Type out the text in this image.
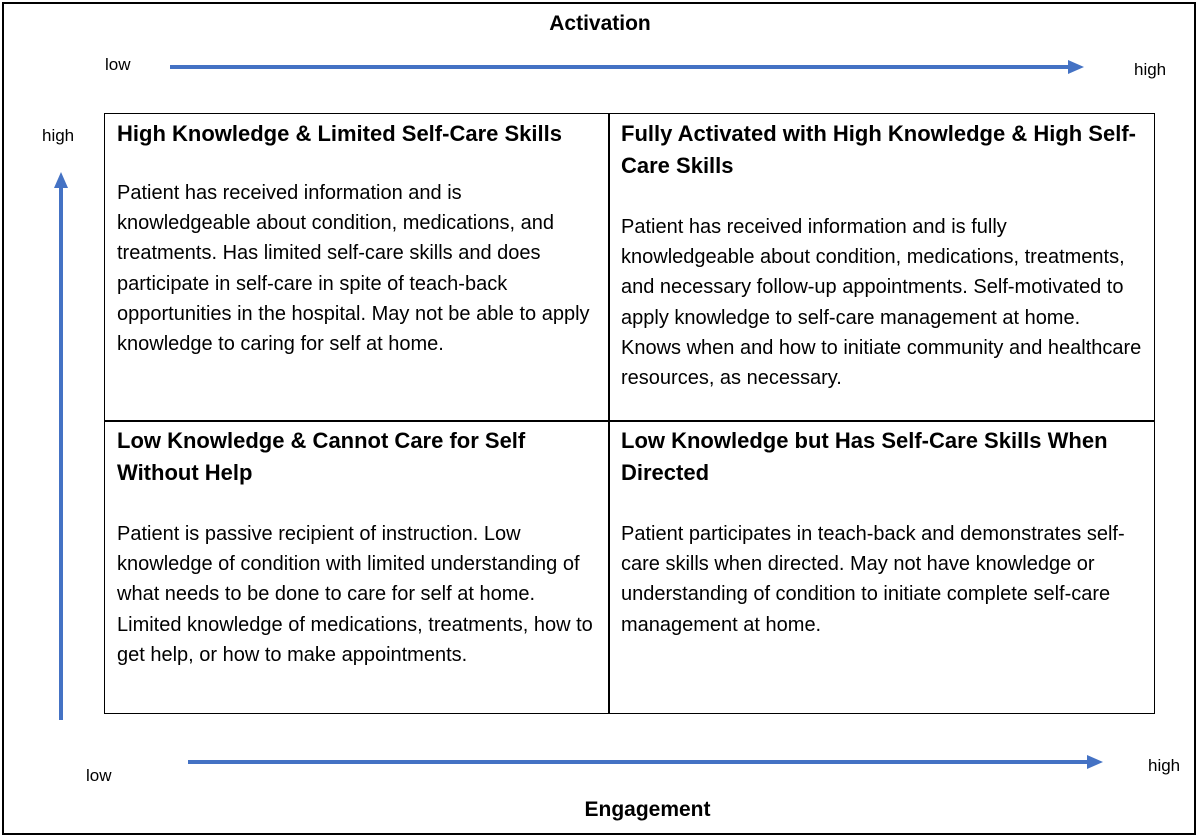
Activation
low	high
high
low
high
Engagement

High Knowledge & Limited Self-Care Skills

Patient has received information and is knowledgeable about condition, medications, and treatments. Has limited self-care skills and does participate in self-care in spite of teach-back opportunities in the hospital. May not be able to apply knowledge to caring for self at home.

Fully Activated with High Knowledge & High Self-Care Skills

Patient has received information and is fully knowledgeable about condition, medications, treatments, and necessary follow-up appointments. Self-motivated to apply knowledge to self-care management at home. Knows when and how to initiate community and healthcare resources, as necessary.

Low Knowledge & Cannot Care for Self Without Help

Patient is passive recipient of instruction. Low knowledge of condition with limited understanding of what needs to be done to care for self at home. Limited knowledge of medications, treatments, how to get help, or how to make appointments.

Low Knowledge but Has Self-Care Skills When Directed

Patient participates in teach-back and demonstrates self-care skills when directed. May not have knowledge or understanding of condition to initiate complete self-care management at home.
